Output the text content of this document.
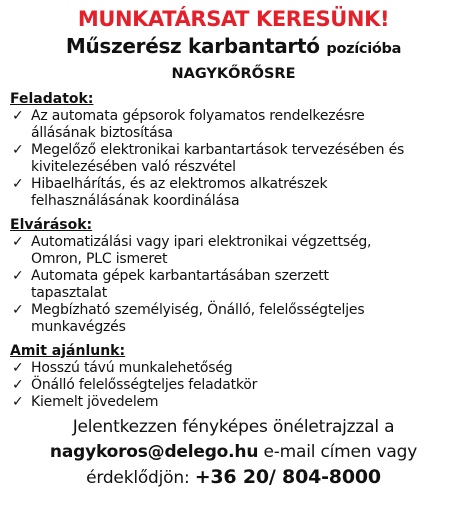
MUNKATÁRSAT KERESÜNK!
Műszerész karbantartó pozícióba
NAGYKŐRŐSRE
Feladatok:
✓ Az automata gépsorok folyamatos rendelkezésre
állásának biztosítása
✓ Megelőző elektronikai karbantartások tervezésében és
kivitelezésében való részvétel
✓ Hibaelhárítás, és az elektromos alkatrészek
felhasználásának koordinálása
Elvárások:
✓ Automatizálási vagy ipari elektronikai végzettség,
Omron, PLC ismeret
✓ Automata gépek karbantartásában szerzett
tapasztalat
✓ Megbízható személyiség, Önálló, felelősségteljes
munkavégzés
Amit ajánlunk:
✓ Hosszú távú munkalehetőség
✓ Önálló felelősségteljes feladatkör
✓ Kiemelt jövedelem
Jelentkezzen fényképes önéletrajzzal a
nagykoros@delego.hu e-mail címen vagy
érdeklődjön: +36 20/ 804-8000
